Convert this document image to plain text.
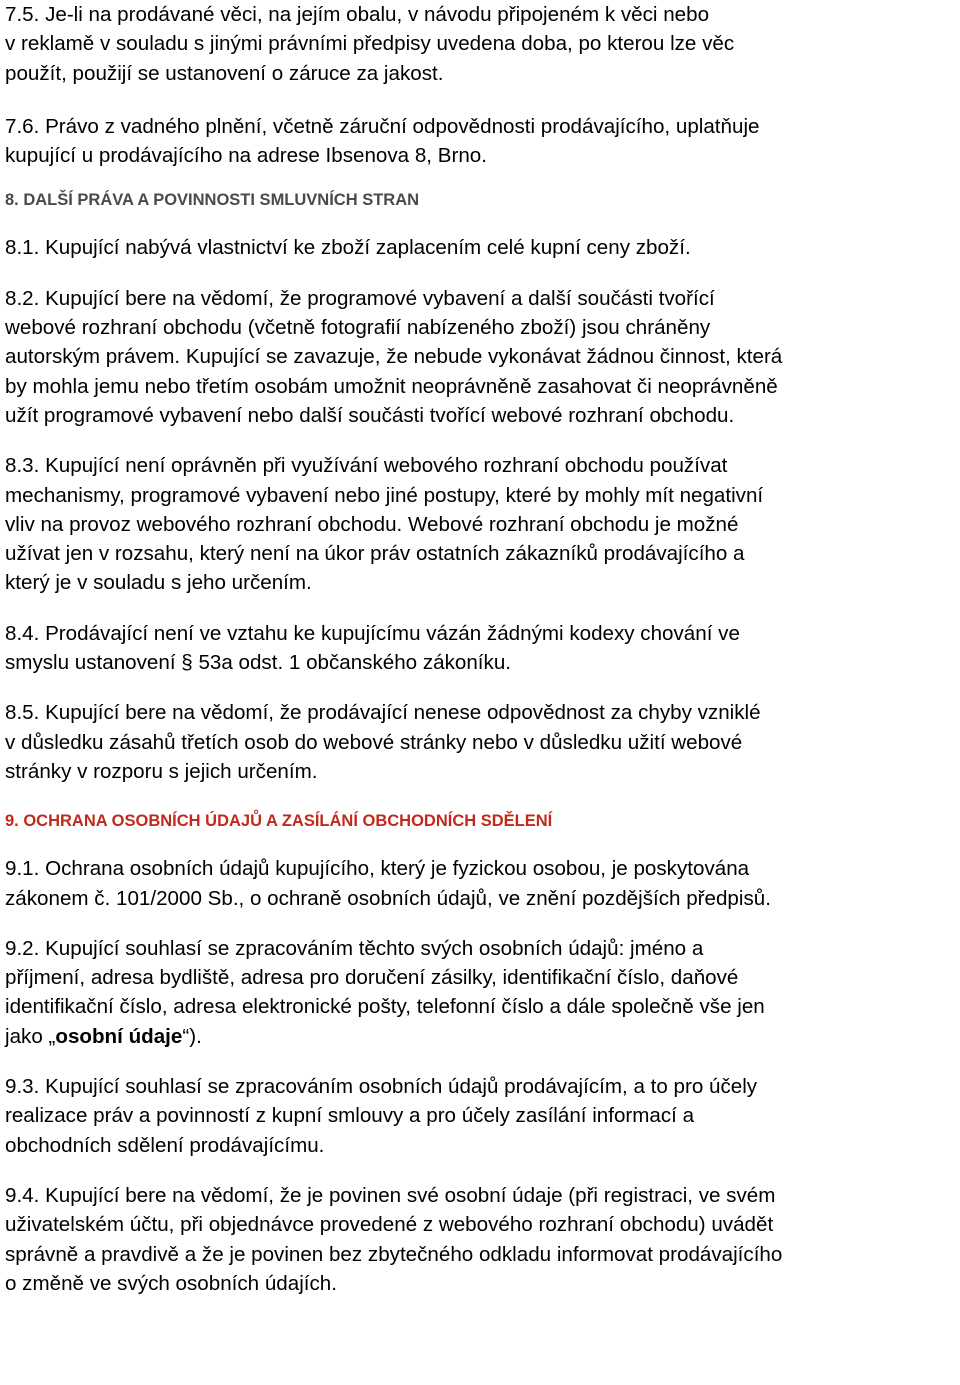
7.5. Je-li na prodávané věci, na jejím obalu, v návodu připojeném k věci nebo

v reklamě v souladu s jinými právními předpisy uvedena doba, po kterou lze věc

použít, použijí se ustanovení o záruce za jakost.

7.6. Právo z vadného plnění, včetně záruční odpovědnosti prodávajícího, uplatňuje

kupující u prodávajícího na adrese Ibsenova 8, Brno.

8. DALŠÍ PRÁVA A POVINNOSTI SMLUVNÍCH STRAN

8.1. Kupující nabývá vlastnictví ke zboží zaplacením celé kupní ceny zboží.

8.2. Kupující bere na vědomí, že programové vybavení a další součásti tvořící

webové rozhraní obchodu (včetně fotografií nabízeného zboží) jsou chráněny

autorským právem. Kupující se zavazuje, že nebude vykonávat žádnou činnost, která

by mohla jemu nebo třetím osobám umožnit neoprávněně zasahovat či neoprávněně

užít programové vybavení nebo další součásti tvořící webové rozhraní obchodu.

8.3. Kupující není oprávněn při využívání webového rozhraní obchodu používat

mechanismy, programové vybavení nebo jiné postupy, které by mohly mít negativní

vliv na provoz webového rozhraní obchodu. Webové rozhraní obchodu je možné

užívat jen v rozsahu, který není na úkor práv ostatních zákazníků prodávajícího a

který je v souladu s jeho určením.

8.4. Prodávající není ve vztahu ke kupujícímu vázán žádnými kodexy chování ve

smyslu ustanovení § 53a odst. 1 občanského zákoníku.

8.5. Kupující bere na vědomí, že prodávající nenese odpovědnost za chyby vzniklé

v důsledku zásahů třetích osob do webové stránky nebo v důsledku užití webové

stránky v rozporu s jejich určením.

9. OCHRANA OSOBNÍCH ÚDAJŮ A ZASÍLÁNÍ OBCHODNÍCH SDĚLENÍ

9.1. Ochrana osobních údajů kupujícího, který je fyzickou osobou, je poskytována

zákonem č. 101/2000 Sb., o ochraně osobních údajů, ve znění pozdějších předpisů.

9.2. Kupující souhlasí se zpracováním těchto svých osobních údajů: jméno a

příjmení, adresa bydliště, adresa pro doručení zásilky, identifikační číslo, daňové

identifikační číslo, adresa elektronické pošty, telefonní číslo a dále společně vše jen

jako „osobní údaje“).

9.3. Kupující souhlasí se zpracováním osobních údajů prodávajícím, a to pro účely

realizace práv a povinností z kupní smlouvy a pro účely zasílání informací a

obchodních sdělení prodávajícímu.

9.4. Kupující bere na vědomí, že je povinen své osobní údaje (při registraci, ve svém

uživatelském účtu, při objednávce provedené z webového rozhraní obchodu) uvádět

správně a pravdivě a že je povinen bez zbytečného odkladu informovat prodávajícího

o změně ve svých osobních údajích.
